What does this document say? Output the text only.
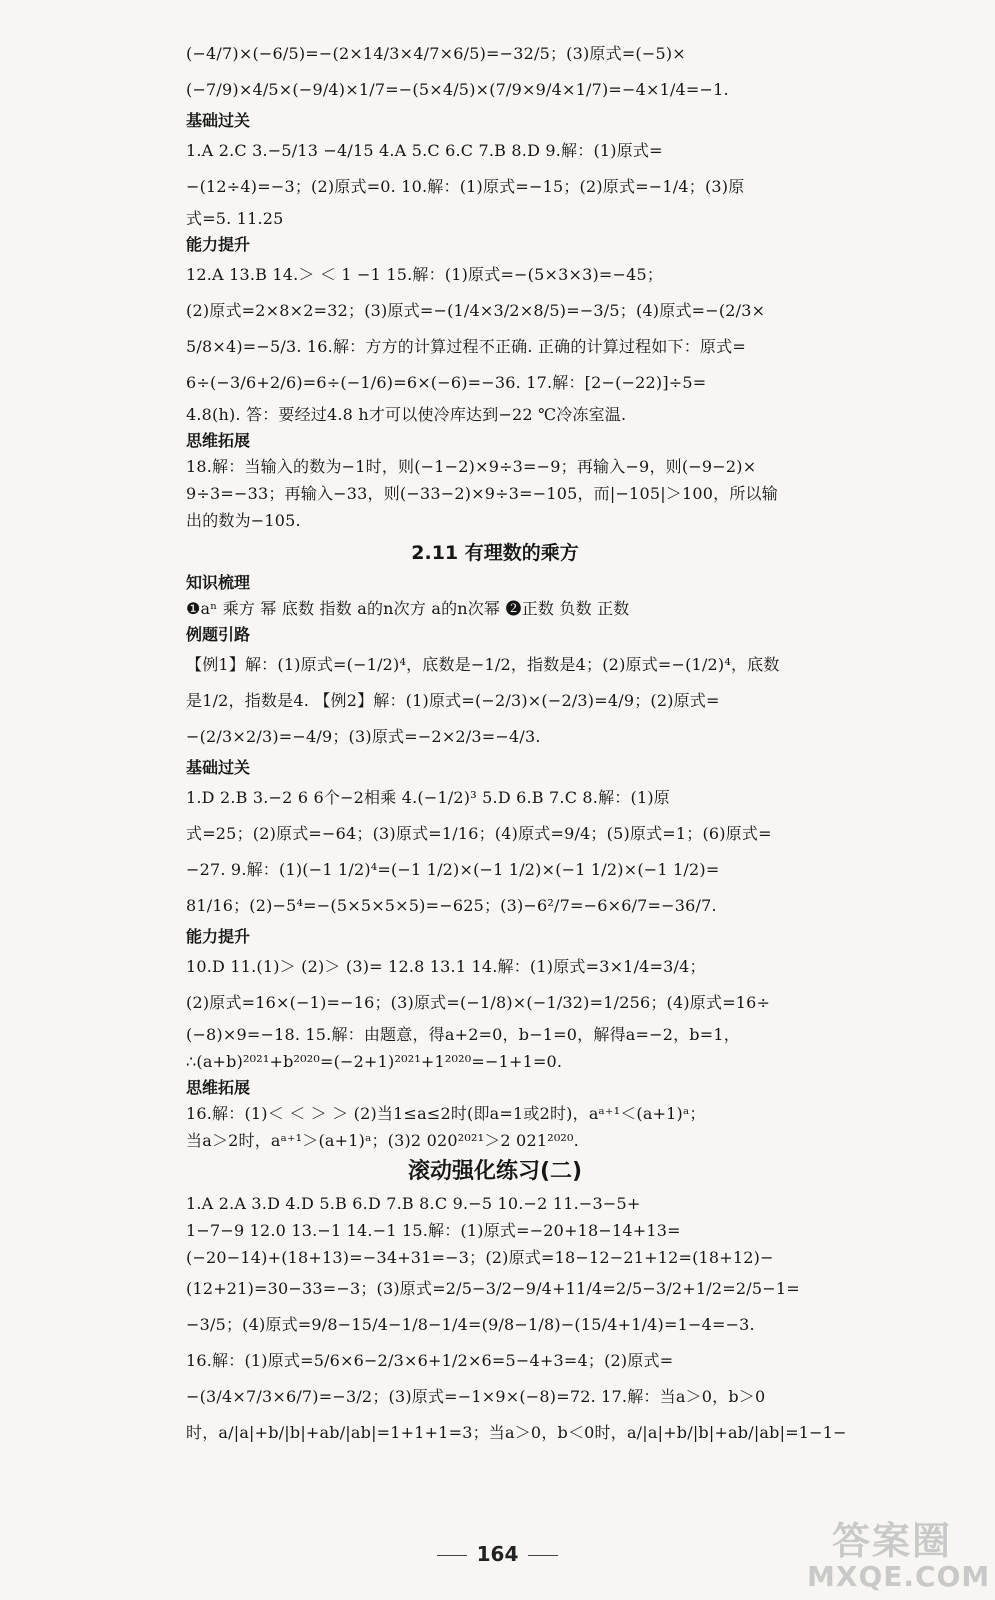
(−4/7)×(−6/5)=−(2×14/3×4/7×6/5)=−32/5；(3)原式=(−5)×
(−7/9)×4/5×(−9/4)×1/7=−(5×4/5)×(7/9×9/4×1/7)=−4×1/4=−1.
基础过关
1.A 2.C 3.−5/13 −4/15 4.A 5.C 6.C 7.B 8.D 9.解：(1)原式=
−(12÷4)=−3；(2)原式=0. 10.解：(1)原式=−15；(2)原式=−1/4；(3)原
式=5. 11.25
能力提升
12.A 13.B 14.＞ ＜ 1 −1 15.解：(1)原式=−(5×3×3)=−45；
(2)原式=2×8×2=32；(3)原式=−(1/4×3/2×8/5)=−3/5；(4)原式=−(2/3×
5/8×4)=−5/3. 16.解：方方的计算过程不正确. 正确的计算过程如下：原式=
6÷(−3/6+2/6)=6÷(−1/6)=6×(−6)=−36. 17.解：[2−(−22)]÷5=
4.8(h). 答：要经过4.8 h才可以使冷库达到−22 ℃冷冻室温.
思维拓展
18.解：当输入的数为−1时，则(−1−2)×9÷3=−9；再输入−9，则(−9−2)×
9÷3=−33；再输入−33，则(−33−2)×9÷3=−105，而|−105|＞100，所以输
出的数为−105.
2.11 有理数的乘方
知识梳理
❶aⁿ 乘方 幂 底数 指数 a的n次方 a的n次幂 ❷正数 负数 正数
例题引路
【例1】解：(1)原式=(−1/2)⁴，底数是−1/2，指数是4；(2)原式=−(1/2)⁴，底数
是1/2，指数是4. 【例2】解：(1)原式=(−2/3)×(−2/3)=4/9；(2)原式=
−(2/3×2/3)=−4/9；(3)原式=−2×2/3=−4/3.
基础过关
1.D 2.B 3.−2 6 6个−2相乘 4.(−1/2)³ 5.D 6.B 7.C 8.解：(1)原
式=25；(2)原式=−64；(3)原式=1/16；(4)原式=9/4；(5)原式=1；(6)原式=
−27. 9.解：(1)(−1 1/2)⁴=(−1 1/2)×(−1 1/2)×(−1 1/2)×(−1 1/2)=
81/16；(2)−5⁴=−(5×5×5×5)=−625；(3)−6²/7=−6×6/7=−36/7.
能力提升
10.D 11.(1)＞ (2)＞ (3)= 12.8 13.1 14.解：(1)原式=3×1/4=3/4；
(2)原式=16×(−1)=−16；(3)原式=(−1/8)×(−1/32)=1/256；(4)原式=16÷
(−8)×9=−18. 15.解：由题意，得a+2=0，b−1=0，解得a=−2，b=1，
∴(a+b)²⁰²¹+b²⁰²⁰=(−2+1)²⁰²¹+1²⁰²⁰=−1+1=0.
思维拓展
16.解：(1)＜ ＜ ＞ ＞ (2)当1≤a≤2时(即a=1或2时)，aᵃ⁺¹＜(a+1)ᵃ；
当a＞2时，aᵃ⁺¹＞(a+1)ᵃ；(3)2 020²⁰²¹＞2 021²⁰²⁰.
滚动强化练习(二)
1.A 2.A 3.D 4.D 5.B 6.D 7.B 8.C 9.−5 10.−2 11.−3−5+
1−7−9 12.0 13.−1 14.−1 15.解：(1)原式=−20+18−14+13=
(−20−14)+(18+13)=−34+31=−3；(2)原式=18−12−21+12=(18+12)−
(12+21)=30−33=−3；(3)原式=2/5−3/2−9/4+11/4=2/5−3/2+1/2=2/5−1=
−3/5；(4)原式=9/8−15/4−1/8−1/4=(9/8−1/8)−(15/4+1/4)=1−4=−3.
16.解：(1)原式=5/6×6−2/3×6+1/2×6=5−4+3=4；(2)原式=
−(3/4×7/3×6/7)=−3/2；(3)原式=−1×9×(−8)=72. 17.解：当a＞0，b＞0
时，a/|a|+b/|b|+ab/|ab|=1+1+1=3；当a＞0，b＜0时，a/|a|+b/|b|+ab/|ab|=1−1−
164	答案圈
MXQE.COM
